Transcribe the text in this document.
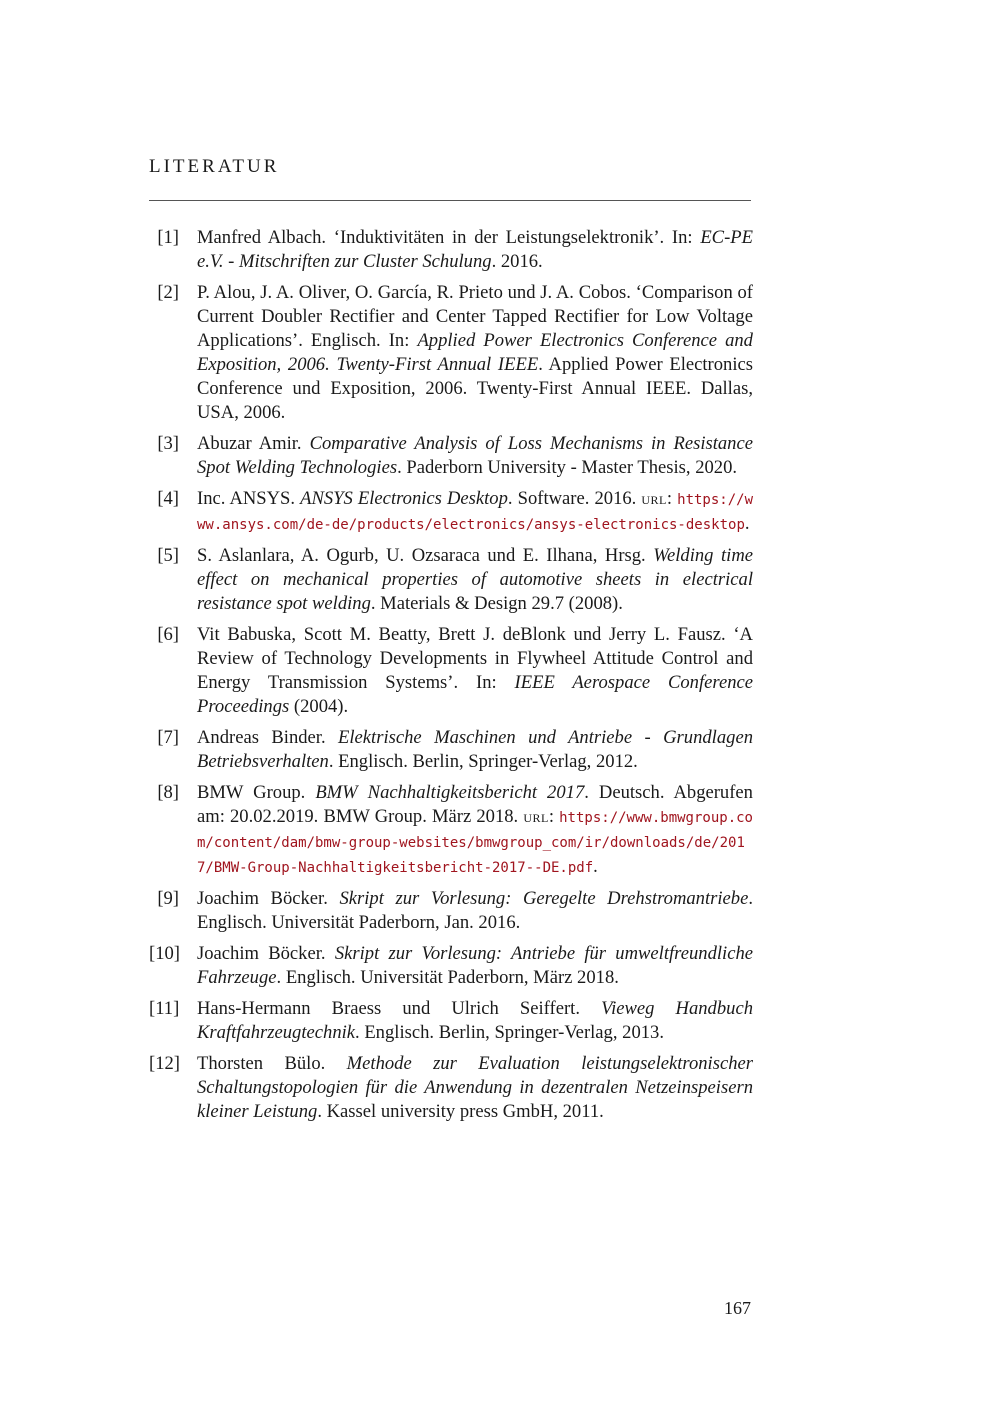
LITERATUR
[1] Manfred Albach. ‘Induktivitäten in der Leistungselektronik’. In: EC-PE e.V. - Mitschriften zur Cluster Schulung. 2016.
[2] P. Alou, J. A. Oliver, O. García, R. Prieto und J. A. Cobos. ‘Comparison of Current Doubler Rectifier and Center Tapped Rectifier for Low Voltage Applications’. Englisch. In: Applied Power Electronics Conference and Exposition, 2006. Twenty-First Annual IEEE. Applied Power Electronics Conference und Exposition, 2006. Twenty-First Annual IEEE. Dallas, USA, 2006.
[3] Abuzar Amir. Comparative Analysis of Loss Mechanisms in Resistance Spot Welding Technologies. Paderborn University - Master Thesis, 2020.
[4] Inc. ANSYS. ANSYS Electronics Desktop. Software. 2016. url: https://www.ansys.com/de-de/products/electronics/ansys-electronics-desktop.
[5] S. Aslanlara, A. Ogurb, U. Ozsaraca und E. Ilhana, Hrsg. Welding time effect on mechanical properties of automotive sheets in electrical resistance spot welding. Materials & Design 29.7 (2008).
[6] Vit Babuska, Scott M. Beatty, Brett J. deBlonk und Jerry L. Fausz. ‘A Review of Technology Developments in Flywheel Attitude Control and Energy Transmission Systems’. In: IEEE Aerospace Conference Proceedings (2004).
[7] Andreas Binder. Elektrische Maschinen und Antriebe - Grundlagen Betriebsverhalten. Englisch. Berlin, Springer-Verlag, 2012.
[8] BMW Group. BMW Nachhaltigkeitsbericht 2017. Deutsch. Abgerufen am: 20.02.2019. BMW Group. März 2018. url: https://www.bmwgroup.com/content/dam/bmw-group-websites/bmwgroup_com/ir/downloads/de/2017/BMW-Group-Nachhaltigkeitsbericht-2017--DE.pdf.
[9] Joachim Böcker. Skript zur Vorlesung: Geregelte Drehstromantriebe. Englisch. Universität Paderborn, Jan. 2016.
[10] Joachim Böcker. Skript zur Vorlesung: Antriebe für umweltfreundliche Fahrzeuge. Englisch. Universität Paderborn, März 2018.
[11] Hans-Hermann Braess und Ulrich Seiffert. Vieweg Handbuch Kraftfahrzeugtechnik. Englisch. Berlin, Springer-Verlag, 2013.
[12] Thorsten Bülo. Methode zur Evaluation leistungselektronischer Schaltungstopologien für die Anwendung in dezentralen Netzeinspeisern kleiner Leistung. Kassel university press GmbH, 2011.
167
